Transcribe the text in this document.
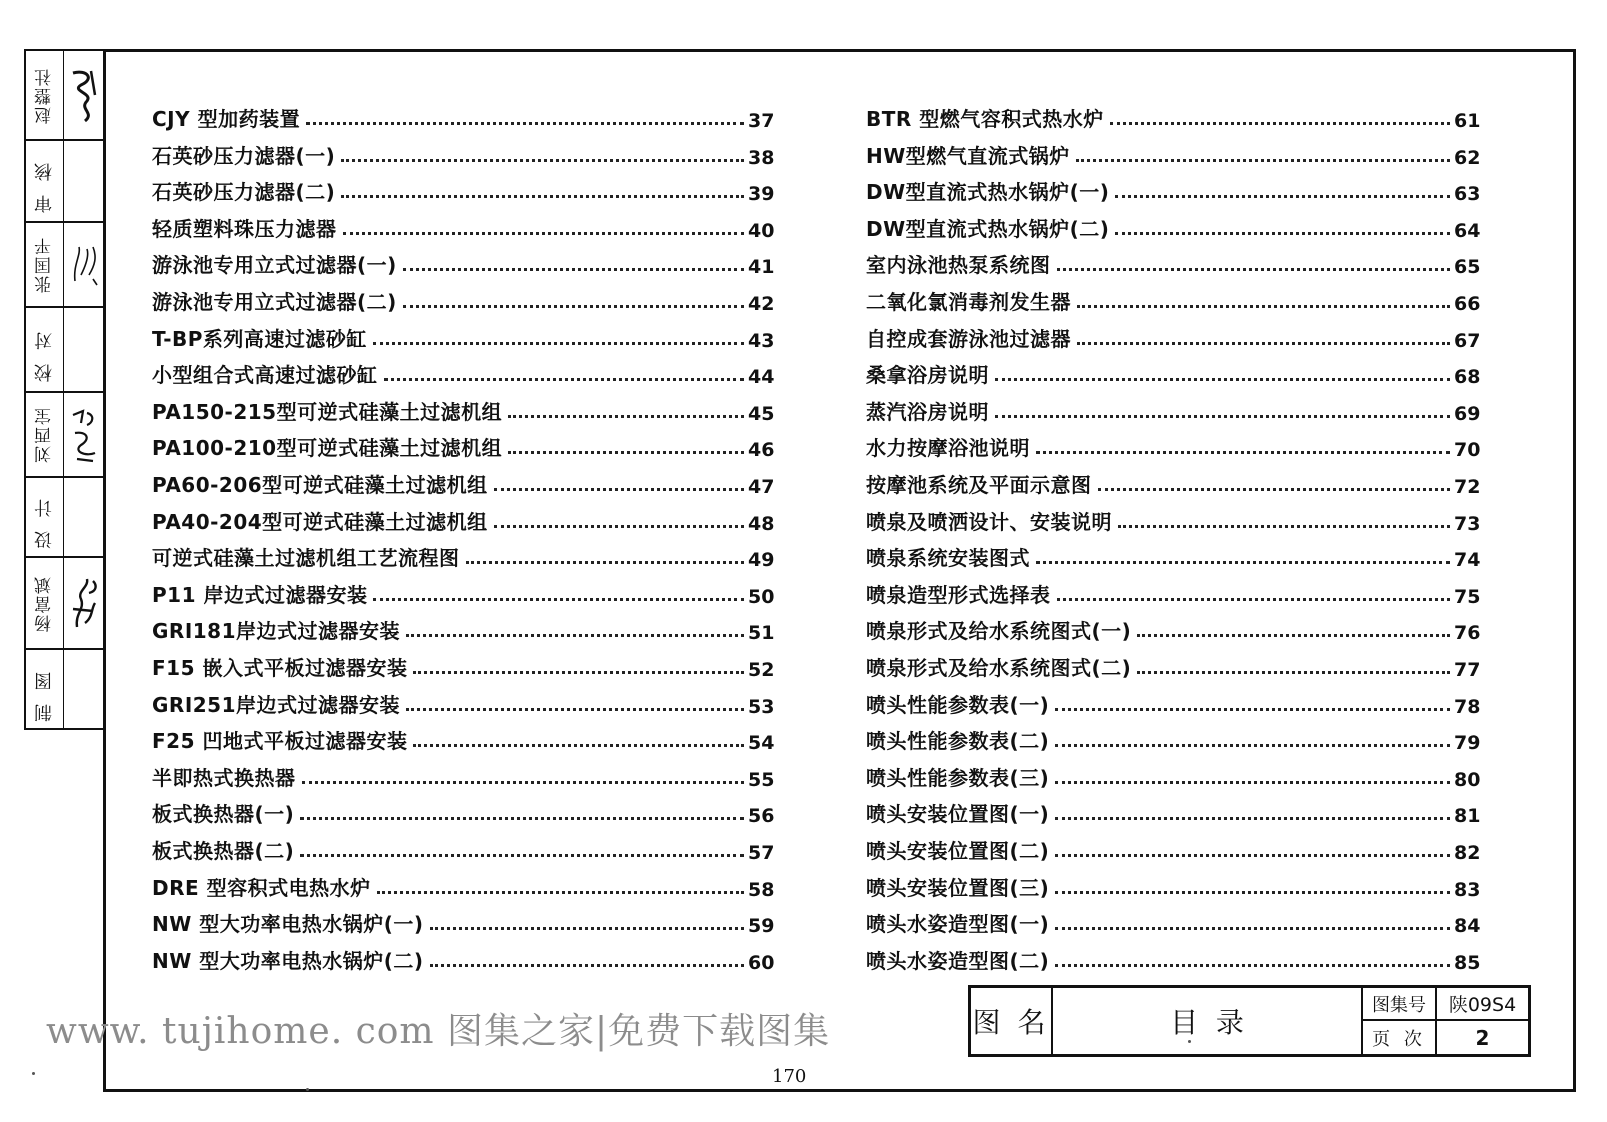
赵整社
审核
张国平
校对
刘西宝
设计
杨富斌
制图
CJY 型加药装置	37
石英砂压力滤器(一)	38
石英砂压力滤器(二)	39
轻质塑料珠压力滤器	40
游泳池专用立式过滤器(一)	41
游泳池专用立式过滤器(二)	42
T-BP系列高速过滤砂缸	43
小型组合式高速过滤砂缸	44
PA150-215型可逆式硅藻土过滤机组	45
PA100-210型可逆式硅藻土过滤机组	46
PA60-206型可逆式硅藻土过滤机组	47
PA40-204型可逆式硅藻土过滤机组	48
可逆式硅藻土过滤机组工艺流程图	49
P11 岸边式过滤器安装	50
GRI181岸边式过滤器安装	51
F15 嵌入式平板过滤器安装	52
GRI251岸边式过滤器安装	53
F25 凹地式平板过滤器安装	54
半即热式换热器	55
板式换热器(一)	56
板式换热器(二)	57
DRE 型容积式电热水炉	58
NW 型大功率电热水锅炉(一)	59
NW 型大功率电热水锅炉(二)	60
BTR 型燃气容积式热水炉	61
HW型燃气直流式锅炉	62
DW型直流式热水锅炉(一)	63
DW型直流式热水锅炉(二)	64
室内泳池热泵系统图	65
二氧化氯消毒剂发生器	66
自控成套游泳池过滤器	67
桑拿浴房说明	68
蒸汽浴房说明	69
水力按摩浴池说明	70
按摩池系统及平面示意图	72
喷泉及喷洒设计、安装说明	73
喷泉系统安装图式	74
喷泉造型形式选择表	75
喷泉形式及给水系统图式(一)	76
喷泉形式及给水系统图式(二)	77
喷头性能参数表(一)	78
喷头性能参数表(二)	79
喷头性能参数表(三)	80
喷头安装位置图(一)	81
喷头安装位置图(二)	82
喷头安装位置图(三)	83
喷头水姿造型图(一)	84
喷头水姿造型图(二)	85
图 名	目  录
图集号	陕09S4
页 次	2
www. tujihome. com 图集之家|免费下载图集
170
